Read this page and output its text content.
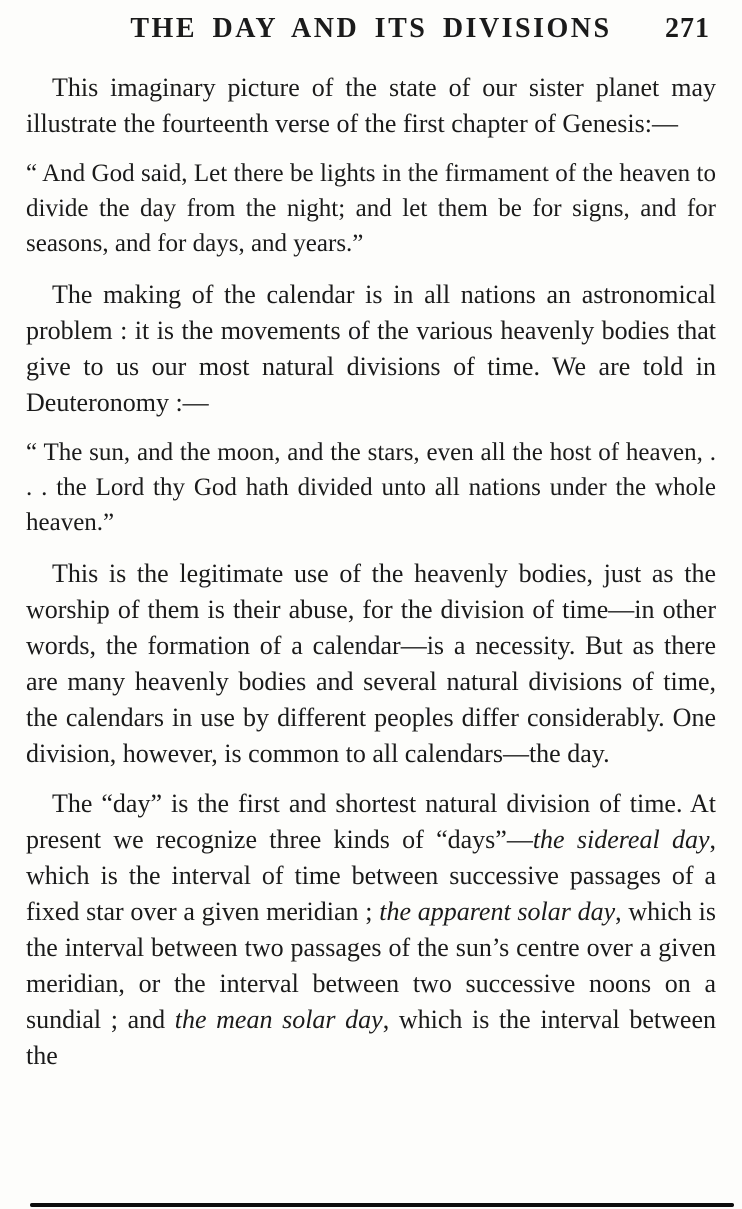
THE DAY AND ITS DIVISIONS 271

This imaginary picture of the state of our sister planet may illustrate the fourteenth verse of the first chapter of Genesis:—

“ And God said, Let there be lights in the firmament of the heaven to divide the day from the night; and let them be for signs, and for seasons, and for days, and years.”

The making of the calendar is in all nations an astronomical problem : it is the movements of the various heavenly bodies that give to us our most natural divisions of time. We are told in Deuteronomy :—

“ The sun, and the moon, and the stars, even all the host of heaven, . . . the Lord thy God hath divided unto all nations under the whole heaven.”

This is the legitimate use of the heavenly bodies, just as the worship of them is their abuse, for the division of time—in other words, the formation of a calendar—is a necessity. But as there are many heavenly bodies and several natural divisions of time, the calendars in use by different peoples differ considerably. One division, however, is common to all calendars—the day.

The “day” is the first and shortest natural division of time. At present we recognize three kinds of “days”—the sidereal day, which is the interval of time between successive passages of a fixed star over a given meridian ; the apparent solar day, which is the interval between two passages of the sun’s centre over a given meridian, or the interval between two successive noons on a sundial ; and the mean solar day, which is the interval between the
